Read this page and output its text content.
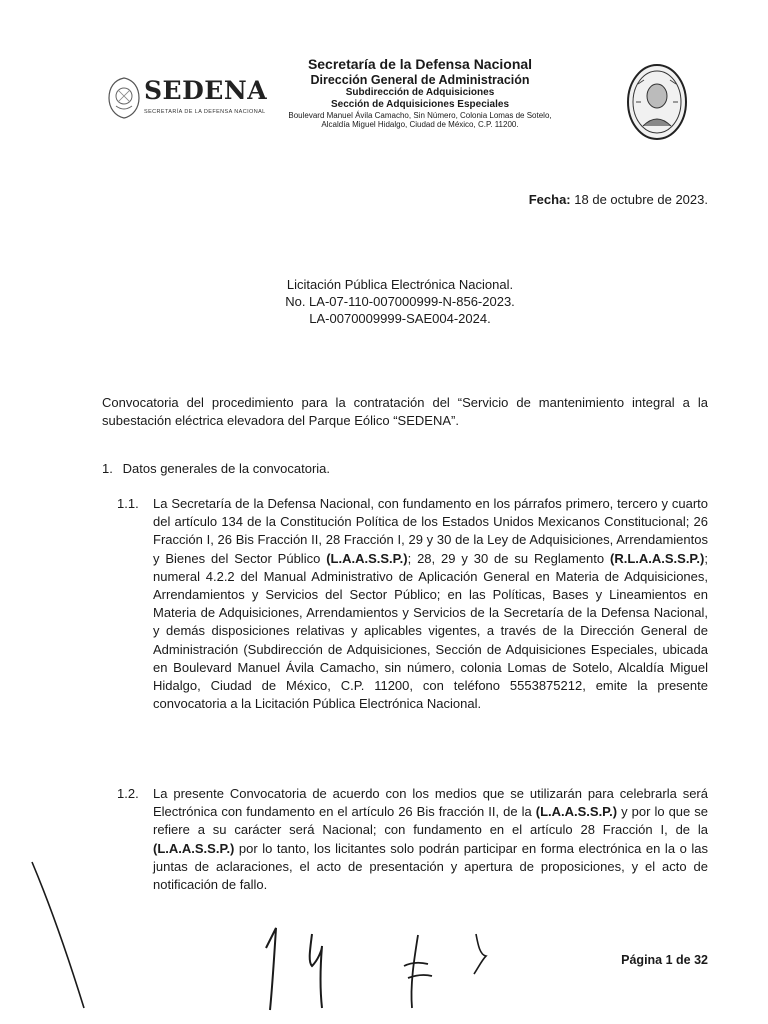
SEDENA
SECRETARÍA DE LA DEFENSA NACIONAL
Secretaría de la Defensa Nacional
Dirección General de Administración
Subdirección de Adquisiciones
Sección de Adquisiciones Especiales
Boulevard Manuel Ávila Camacho, Sin Número, Colonia Lomas de Sotelo,
Alcaldía Miguel Hidalgo, Ciudad de México, C.P. 11200.
Fecha: 18 de octubre de 2023.
Licitación Pública Electrónica Nacional.
No. LA-07-110-007000999-N-856-2023.
LA-0070009999-SAE004-2024.
Convocatoria del procedimiento para la contratación del “Servicio de mantenimiento integral a la subestación eléctrica elevadora del Parque Eólico “SEDENA”.
1. Datos generales de la convocatoria.
1.1.	La Secretaría de la Defensa Nacional, con fundamento en los párrafos primero, tercero y cuarto del artículo 134 de la Constitución Política de los Estados Unidos Mexicanos Constitucional; 26 Fracción I, 26 Bis Fracción II, 28 Fracción I, 29 y 30 de la Ley de Adquisiciones, Arrendamientos y Bienes del Sector Público (L.A.A.S.S.P.); 28, 29 y 30 de su Reglamento (R.L.A.A.S.S.P.); numeral 4.2.2 del Manual Administrativo de Aplicación General en Materia de Adquisiciones, Arrendamientos y Servicios del Sector Público; en las Políticas, Bases y Lineamientos en Materia de Adquisiciones, Arrendamientos y Servicios de la Secretaría de la Defensa Nacional, y demás disposiciones relativas y aplicables vigentes, a través de la Dirección General de Administración (Subdirección de Adquisiciones, Sección de Adquisiciones Especiales, ubicada en Boulevard Manuel Ávila Camacho, sin número, colonia Lomas de Sotelo, Alcaldía Miguel Hidalgo, Ciudad de México, C.P. 11200, con teléfono 5553875212, emite la presente convocatoria a la Licitación Pública Electrónica Nacional.
1.2.	La presente Convocatoria de acuerdo con los medios que se utilizarán para celebrarla será Electrónica con fundamento en el artículo 26 Bis fracción II, de la (L.A.A.S.S.P.) y por lo que se refiere a su carácter será Nacional; con fundamento en el artículo 28 Fracción I, de la (L.A.A.S.S.P.) por lo tanto, los licitantes solo podrán participar en forma electrónica en la o las juntas de aclaraciones, el acto de presentación y apertura de proposiciones, y el acto de notificación de fallo.
Página 1 de 32
